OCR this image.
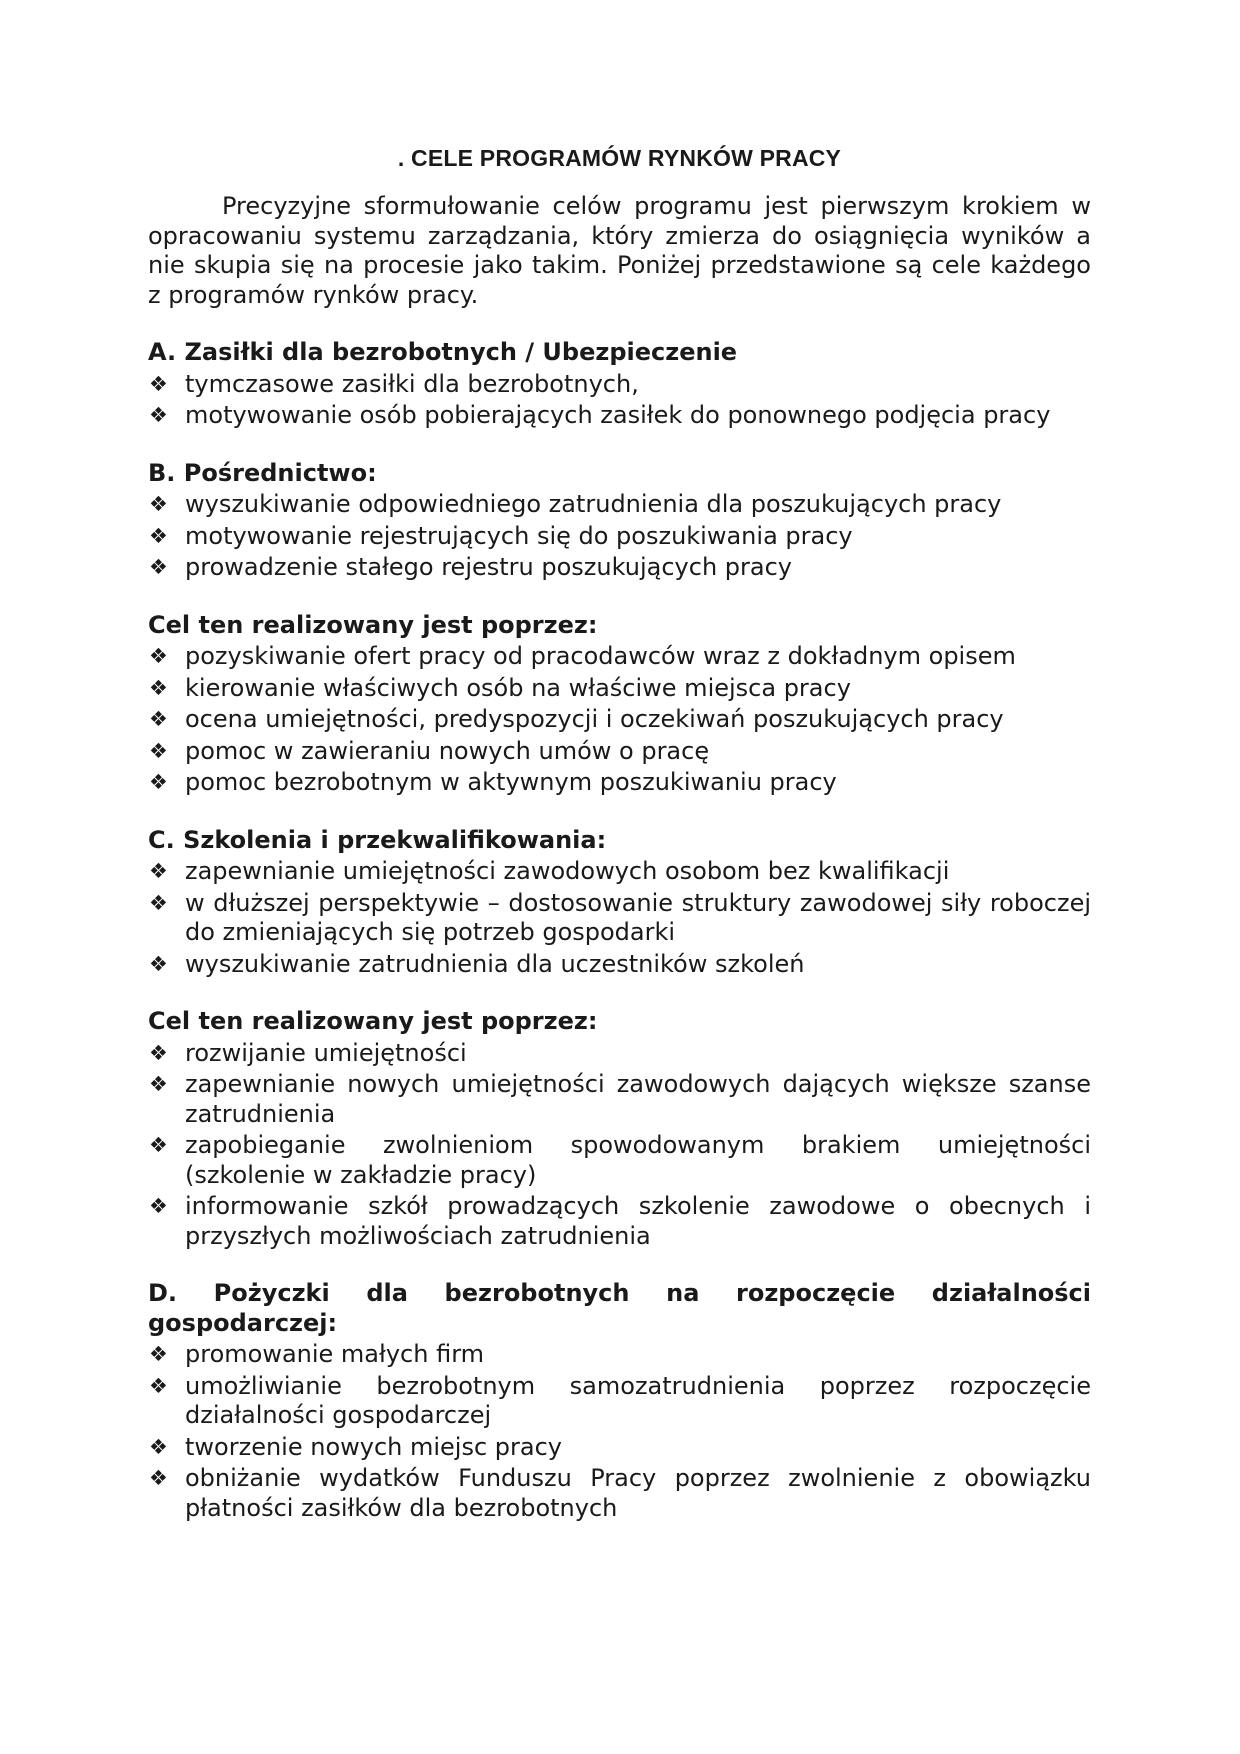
. CELE PROGRAMÓW RYNKÓW PRACY

Precyzyjne sformułowanie celów programu jest pierwszym krokiem w opracowaniu systemu zarządzania, który zmierza do osiągnięcia wyników a nie skupia się na procesie jako takim. Poniżej przedstawione są cele każdego z programów rynków pracy.

A. Zasiłki dla bezrobotnych / Ubezpieczenie

❖ tymczasowe zasiłki dla bezrobotnych,
❖ motywowanie osób pobierających zasiłek do ponownego podjęcia pracy

B. Pośrednictwo:

❖ wyszukiwanie odpowiedniego zatrudnienia dla poszukujących pracy
❖ motywowanie rejestrujących się do poszukiwania pracy
❖ prowadzenie stałego rejestru poszukujących pracy

Cel ten realizowany jest poprzez:

❖ pozyskiwanie ofert pracy od pracodawców wraz z dokładnym opisem
❖ kierowanie właściwych osób na właściwe miejsca pracy
❖ ocena umiejętności, predyspozycji i oczekiwań poszukujących pracy
❖ pomoc w zawieraniu nowych umów o pracę
❖ pomoc bezrobotnym w aktywnym poszukiwaniu pracy

C. Szkolenia i przekwalifikowania:

❖ zapewnianie umiejętności zawodowych osobom bez kwalifikacji
❖ w dłuższej perspektywie – dostosowanie struktury zawodowej siły roboczej do zmieniających się potrzeb gospodarki
❖ wyszukiwanie zatrudnienia dla uczestników szkoleń

Cel ten realizowany jest poprzez:

❖ rozwijanie umiejętności
❖ zapewnianie nowych umiejętności zawodowych dających większe szanse zatrudnienia
❖ zapobieganie zwolnieniom spowodowanym brakiem umiejętności (szkolenie w zakładzie pracy)
❖ informowanie szkół prowadzących szkolenie zawodowe o obecnych i przyszłych możliwościach zatrudnienia

D. Pożyczki dla bezrobotnych na rozpoczęcie działalności gospodarczej:

❖ promowanie małych firm
❖ umożliwianie bezrobotnym samozatrudnienia poprzez rozpoczęcie działalności gospodarczej
❖ tworzenie nowych miejsc pracy
❖ obniżanie wydatków Funduszu Pracy poprzez zwolnienie z obowiązku płatności zasiłków dla bezrobotnych
